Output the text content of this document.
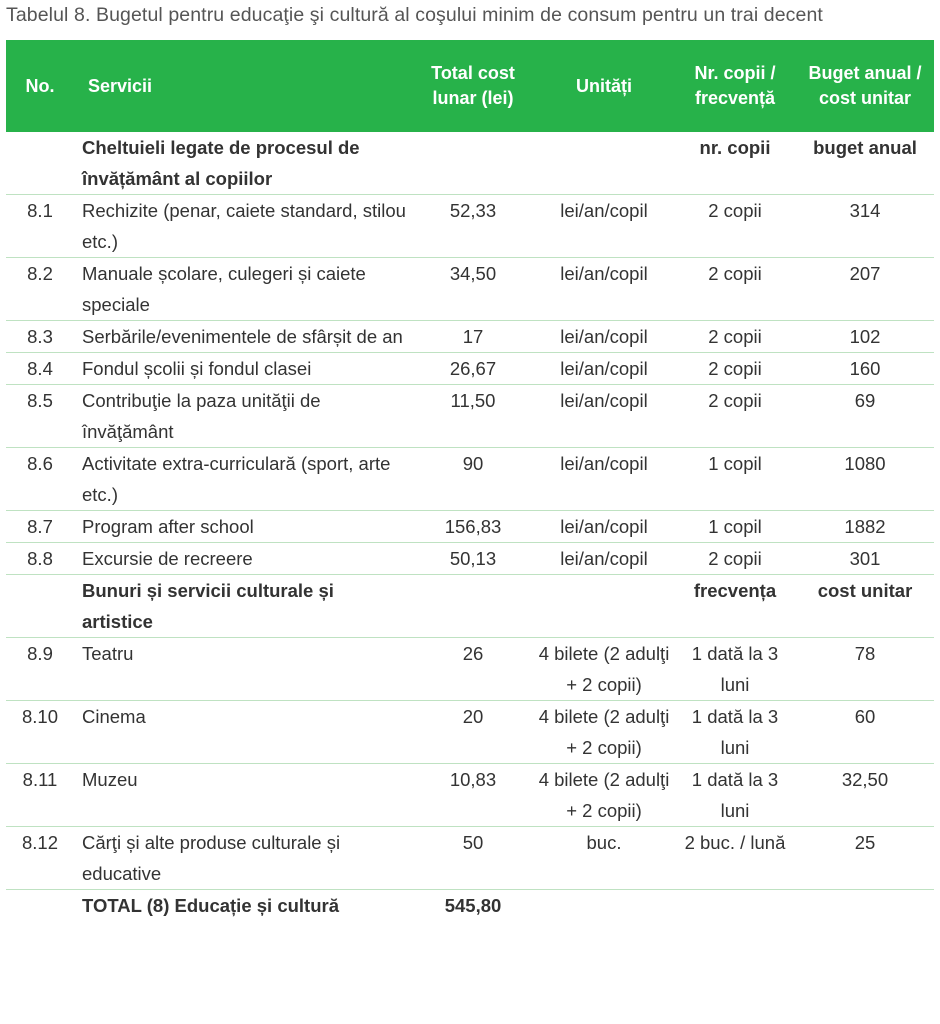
Tabelul 8. Bugetul pentru educaţie şi cultură al coşului minim de consum pentru un trai decent
No.	Servicii	Total cost lunar (lei)	Unități	Nr. copii / frecvență	Buget anual / cost unitar
	Cheltuieli legate de procesul de învățământ al copiilor			nr. copii	buget anual
8.1	Rechizite (penar, caiete standard, stilou etc.)	52,33	lei/an/copil	2 copii	314
8.2	Manuale școlare, culegeri și caiete speciale	34,50	lei/an/copil	2 copii	207
8.3	Serbările/evenimentele de sfârșit de an	17	lei/an/copil	2 copii	102
8.4	Fondul școlii și fondul clasei	26,67	lei/an/copil	2 copii	160
8.5	Contribuţie la paza unităţii de învăţământ	11,50	lei/an/copil	2 copii	69
8.6	Activitate extra-curriculară (sport, arte etc.)	90	lei/an/copil	1 copil	1080
8.7	Program after school	156,83	lei/an/copil	1 copil	1882
8.8	Excursie de recreere	50,13	lei/an/copil	2 copii	301
	Bunuri și servicii culturale și artistice			frecvența	cost unitar
8.9	Teatru	26	4 bilete (2 adulţi + 2 copii)	1 dată la 3 luni	78
8.10	Cinema	20	4 bilete (2 adulţi + 2 copii)	1 dată la 3 luni	60
8.11	Muzeu	10,83	4 bilete (2 adulţi + 2 copii)	1 dată la 3 luni	32,50
8.12	Cărţi și alte produse culturale și educative	50	buc.	2 buc. / lună	25
	TOTAL (8) Educație și cultură	545,80			
